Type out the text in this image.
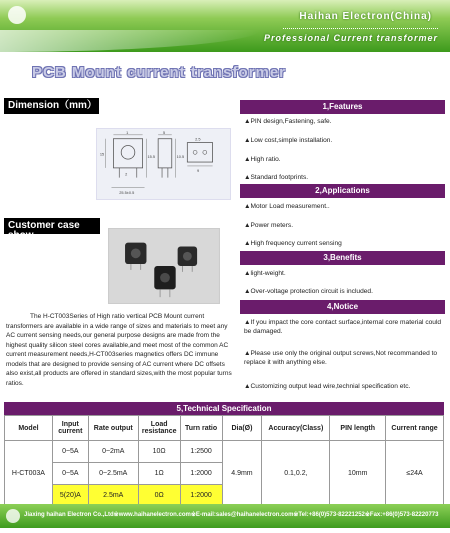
Haihan Electron(China)
Professional Current transformer
PCB Mount current transformer
Dimension（mm）
1
15
15.5
5
10.5
9
2
2.5
25.5±0.5
Customer case show
The H-CT003Series of High ratio vertical PCB Mount current transformers are available in a wide range of sizes and materials to meet any AC current sensing needs,our general purpose designs are made from the highest quality silicon steel cores available,and meet most of the common AC current measurement needs,H-CT003series magnetics offers DC immune models that are designed to provide sensing of AC current where DC offsets also exist,all products are offered in standard sizes,with the most popular turns ratios.
1,Features
▲PIN design,Fastening, safe.
▲Low cost,simple installation.
▲High ratio.
▲Standard footprints.
2,Applications
▲Motor Load measurement..
▲Power meters.
▲High frequency current sensing
3,Benefits
▲light-weight.
▲Over-voltage protection circuit is included.
4,Notice
▲If you impact the core contact surface,internal core material could be damaged.
▲Please use only the original output screws,Not recommanded to replace it with anything else.
▲Customizing output lead wire,technial specification etc.
5,Technical Specification
Model	Input current	Rate output	Load resistance	Turn ratio	Dia(Ø)	Accuracy(Class)	PIN length	Current range
H-CT003A	0~5A	0~2mA	10Ω	1:2500	4.9mm	0.1,0.2,	10mm	≤24A
	0~5A	0~2.5mA	1Ω	1:2000				
	5(20)A	2.5mA	0Ω	1:2000				
Jiaxing haihan Electron Co.,Ltd※www.haihanelectron.com※E-mail:sales@haihanelectron.com※Tel:+86(0)573-82221252※Fax:+86(0)573-82220773
